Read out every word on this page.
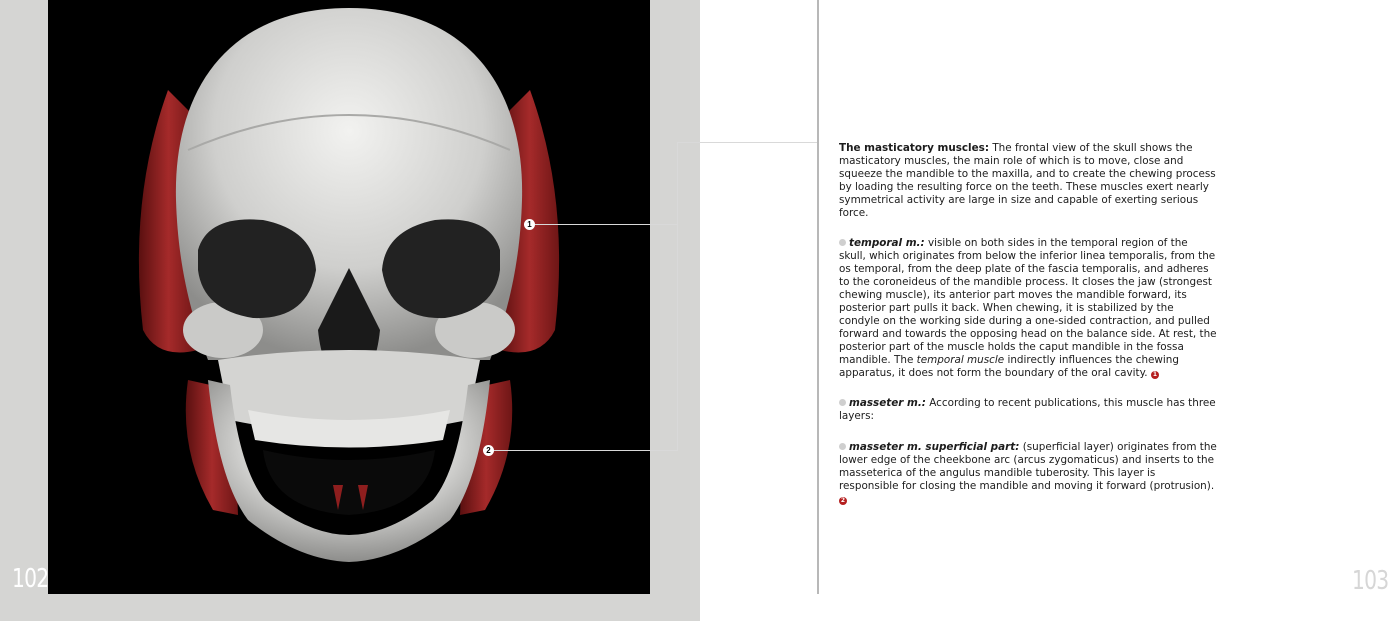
102
1
2

The masticatory muscles: The frontal view of the skull shows the masticatory muscles, the main role of which is to move, close and squeeze the mandible to the maxilla, and to create the chewing process by loading the resulting force on the teeth. These muscles exert nearly symmetrical activity are large in size and capable of exerting serious force.

temporal m.: visible on both sides in the temporal region of the skull, which originates from below the inferior linea temporalis, from the os temporal, from the deep plate of the fascia temporalis, and adheres to the coroneideus of the mandible process. It closes the jaw (strongest chewing muscle), its anterior part moves the mandible forward, its posterior part pulls it back. When chewing, it is stabilized by the condyle on the working side during a one-sided contraction, and pulled forward and towards the opposing head on the balance side. At rest, the posterior part of the muscle holds the caput mandible in the fossa mandible. The temporal muscle indirectly influences the chewing apparatus, it does not form the boundary of the oral cavity. 1

masseter m.: According to recent publications, this muscle has three layers:

masseter m. superficial part: (superficial layer) originates from the lower edge of the cheekbone arc (arcus zygomaticus) and inserts to the masseterica of the angulus mandible tuberosity. This layer is responsible for closing the mandible and moving it forward (protrusion). 2

103
